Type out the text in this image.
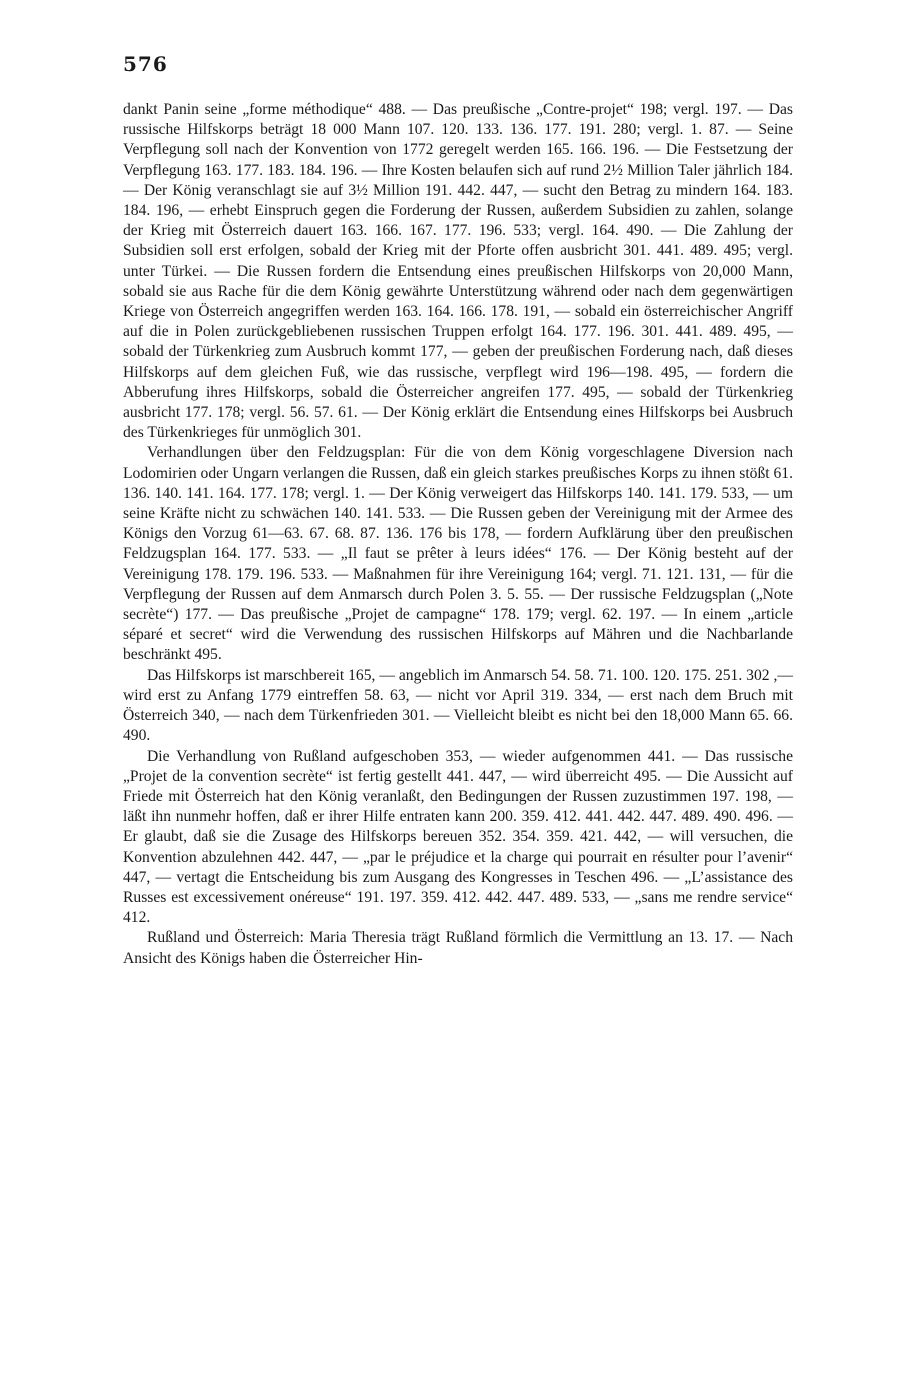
576

dankt Panin seine „forme méthodique“ 488. — Das preußische „Contre-projet“ 198; vergl. 197. — Das russische Hilfskorps beträgt 18 000 Mann 107. 120. 133. 136. 177. 191. 280; vergl. 1. 87. — Seine Verpflegung soll nach der Konvention von 1772 geregelt werden 165. 166. 196. — Die Festsetzung der Verpflegung 163. 177. 183. 184. 196. — Ihre Kosten belaufen sich auf rund 2½ Million Taler jährlich 184. — Der König veranschlagt sie auf 3½ Million 191. 442. 447, — sucht den Betrag zu mindern 164. 183. 184. 196, — erhebt Einspruch gegen die Forderung der Russen, außerdem Subsidien zu zahlen, solange der Krieg mit Österreich dauert 163. 166. 167. 177. 196. 533; vergl. 164. 490. — Die Zahlung der Subsidien soll erst erfolgen, sobald der Krieg mit der Pforte offen ausbricht 301. 441. 489. 495; vergl. unter Türkei. — Die Russen fordern die Entsendung eines preußischen Hilfskorps von 20,000 Mann, sobald sie aus Rache für die dem König gewährte Unterstützung während oder nach dem gegenwärtigen Kriege von Österreich angegriffen werden 163. 164. 166. 178. 191, — sobald ein österreichischer Angriff auf die in Polen zurückgebliebenen russischen Truppen erfolgt 164. 177. 196. 301. 441. 489. 495, — sobald der Türkenkrieg zum Ausbruch kommt 177, — geben der preußischen Forderung nach, daß dieses Hilfskorps auf dem gleichen Fuß, wie das russische, verpflegt wird 196—198. 495, — fordern die Abberufung ihres Hilfskorps, sobald die Österreicher angreifen 177. 495, — sobald der Türkenkrieg ausbricht 177. 178; vergl. 56. 57. 61. — Der König erklärt die Entsendung eines Hilfskorps bei Ausbruch des Türkenkrieges für unmöglich 301.

Verhandlungen über den Feldzugsplan: Für die von dem König vorgeschlagene Diversion nach Lodomirien oder Ungarn verlangen die Russen, daß ein gleich starkes preußisches Korps zu ihnen stößt 61. 136. 140. 141. 164. 177. 178; vergl. 1. — Der König verweigert das Hilfskorps 140. 141. 179. 533, — um seine Kräfte nicht zu schwächen 140. 141. 533. — Die Russen geben der Vereinigung mit der Armee des Königs den Vorzug 61—63. 67. 68. 87. 136. 176 bis 178, — fordern Aufklärung über den preußischen Feldzugsplan 164. 177. 533. — „Il faut se prêter à leurs idées“ 176. — Der König besteht auf der Vereinigung 178. 179. 196. 533. — Maßnahmen für ihre Vereinigung 164; vergl. 71. 121. 131, — für die Verpflegung der Russen auf dem Anmarsch durch Polen 3. 5. 55. — Der russische Feldzugsplan („Note secrète“) 177. — Das preußische „Projet de campagne“ 178. 179; vergl. 62. 197. — In einem „article séparé et secret“ wird die Verwendung des russischen Hilfskorps auf Mähren und die Nachbarlande beschränkt 495.

Das Hilfskorps ist marschbereit 165, — angeblich im Anmarsch 54. 58. 71. 100. 120. 175. 251. 302 ,— wird erst zu Anfang 1779 eintreffen 58. 63, — nicht vor April 319. 334, — erst nach dem Bruch mit Österreich 340, — nach dem Türkenfrieden 301. — Vielleicht bleibt es nicht bei den 18,000 Mann 65. 66. 490.

Die Verhandlung von Rußland aufgeschoben 353, — wieder aufgenommen 441. — Das russische „Projet de la convention secrète“ ist fertig gestellt 441. 447, — wird überreicht 495. — Die Aussicht auf Friede mit Österreich hat den König veranlaßt, den Bedingungen der Russen zuzustimmen 197. 198, — läßt ihn nunmehr hoffen, daß er ihrer Hilfe entraten kann 200. 359. 412. 441. 442. 447. 489. 490. 496. — Er glaubt, daß sie die Zusage des Hilfskorps bereuen 352. 354. 359. 421. 442, — will versuchen, die Konvention abzulehnen 442. 447, — „par le préjudice et la charge qui pourrait en résulter pour l’avenir“ 447, — vertagt die Entscheidung bis zum Ausgang des Kongresses in Teschen 496. — „L’assistance des Russes est excessivement onéreuse“ 191. 197. 359. 412. 442. 447. 489. 533, — „sans me rendre service“ 412.

Rußland und Österreich: Maria Theresia trägt Rußland förmlich die Vermittlung an 13. 17. — Nach Ansicht des Königs haben die Österreicher Hin-
